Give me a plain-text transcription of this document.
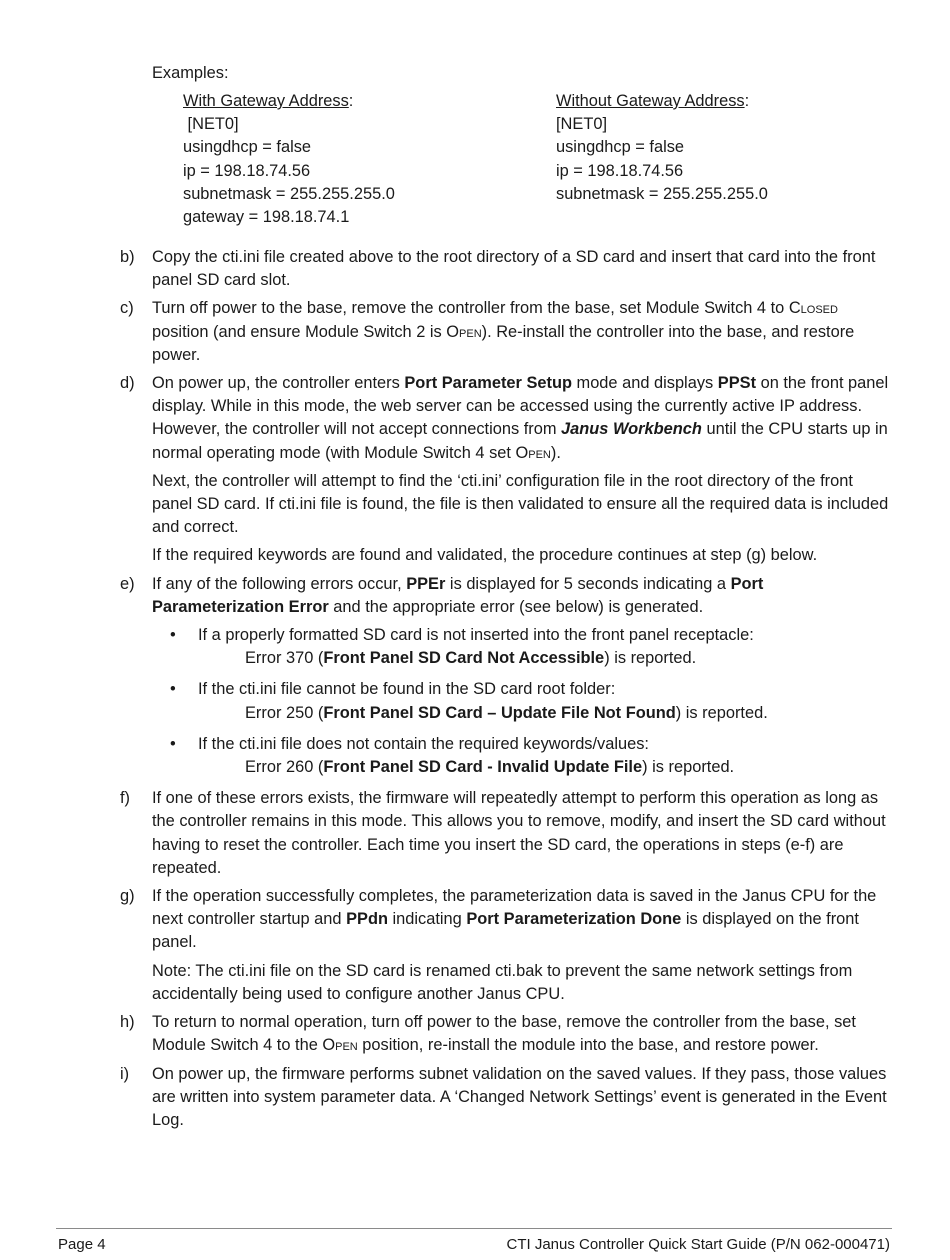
Examples:
With Gateway Address:
[NET0]
usingdhcp = false
ip = 198.18.74.56
subnetmask = 255.255.255.0
gateway = 198.18.74.1
Without Gateway Address:
[NET0]
usingdhcp = false
ip = 198.18.74.56
subnetmask = 255.255.255.0
b) Copy the cti.ini file created above to the root directory of a SD card and insert that card into the front panel SD card slot.
c) Turn off power to the base, remove the controller from the base, set Module Switch 4 to Closed position (and ensure Module Switch 2 is Open). Re-install the controller into the base, and restore power.
d) On power up, the controller enters Port Parameter Setup mode and displays PPSt on the front panel display. While in this mode, the web server can be accessed using the currently active IP address. However, the controller will not accept connections from Janus Workbench until the CPU starts up in normal operating mode (with Module Switch 4 set Open).
Next, the controller will attempt to find the ‘cti.ini’ configuration file in the root directory of the front panel SD card. If cti.ini file is found, the file is then validated to ensure all the required data is included and correct.
If the required keywords are found and validated, the procedure continues at step (g) below.
e) If any of the following errors occur, PPEr is displayed for 5 seconds indicating a Port Parameterization Error and the appropriate error (see below) is generated.
• If a properly formatted SD card is not inserted into the front panel receptacle:
Error 370 (Front Panel SD Card Not Accessible) is reported.
• If the cti.ini file cannot be found in the SD card root folder:
Error 250 (Front Panel SD Card – Update File Not Found) is reported.
• If the cti.ini file does not contain the required keywords/values:
Error 260 (Front Panel SD Card - Invalid Update File) is reported.
f) If one of these errors exists, the firmware will repeatedly attempt to perform this operation as long as the controller remains in this mode. This allows you to remove, modify, and insert the SD card without having to reset the controller. Each time you insert the SD card, the operations in steps (e-f) are repeated.
g) If the operation successfully completes, the parameterization data is saved in the Janus CPU for the next controller startup and PPdn indicating Port Parameterization Done is displayed on the front panel.
Note: The cti.ini file on the SD card is renamed cti.bak to prevent the same network settings from accidentally being used to configure another Janus CPU.
h) To return to normal operation, turn off power to the base, remove the controller from the base, set Module Switch 4 to the Open position, re-install the module into the base, and restore power.
i) On power up, the firmware performs subnet validation on the saved values. If they pass, those values are written into system parameter data. A ‘Changed Network Settings’ event is generated in the Event Log.
Page 4	CTI Janus Controller Quick Start Guide (P/N 062-000471)
